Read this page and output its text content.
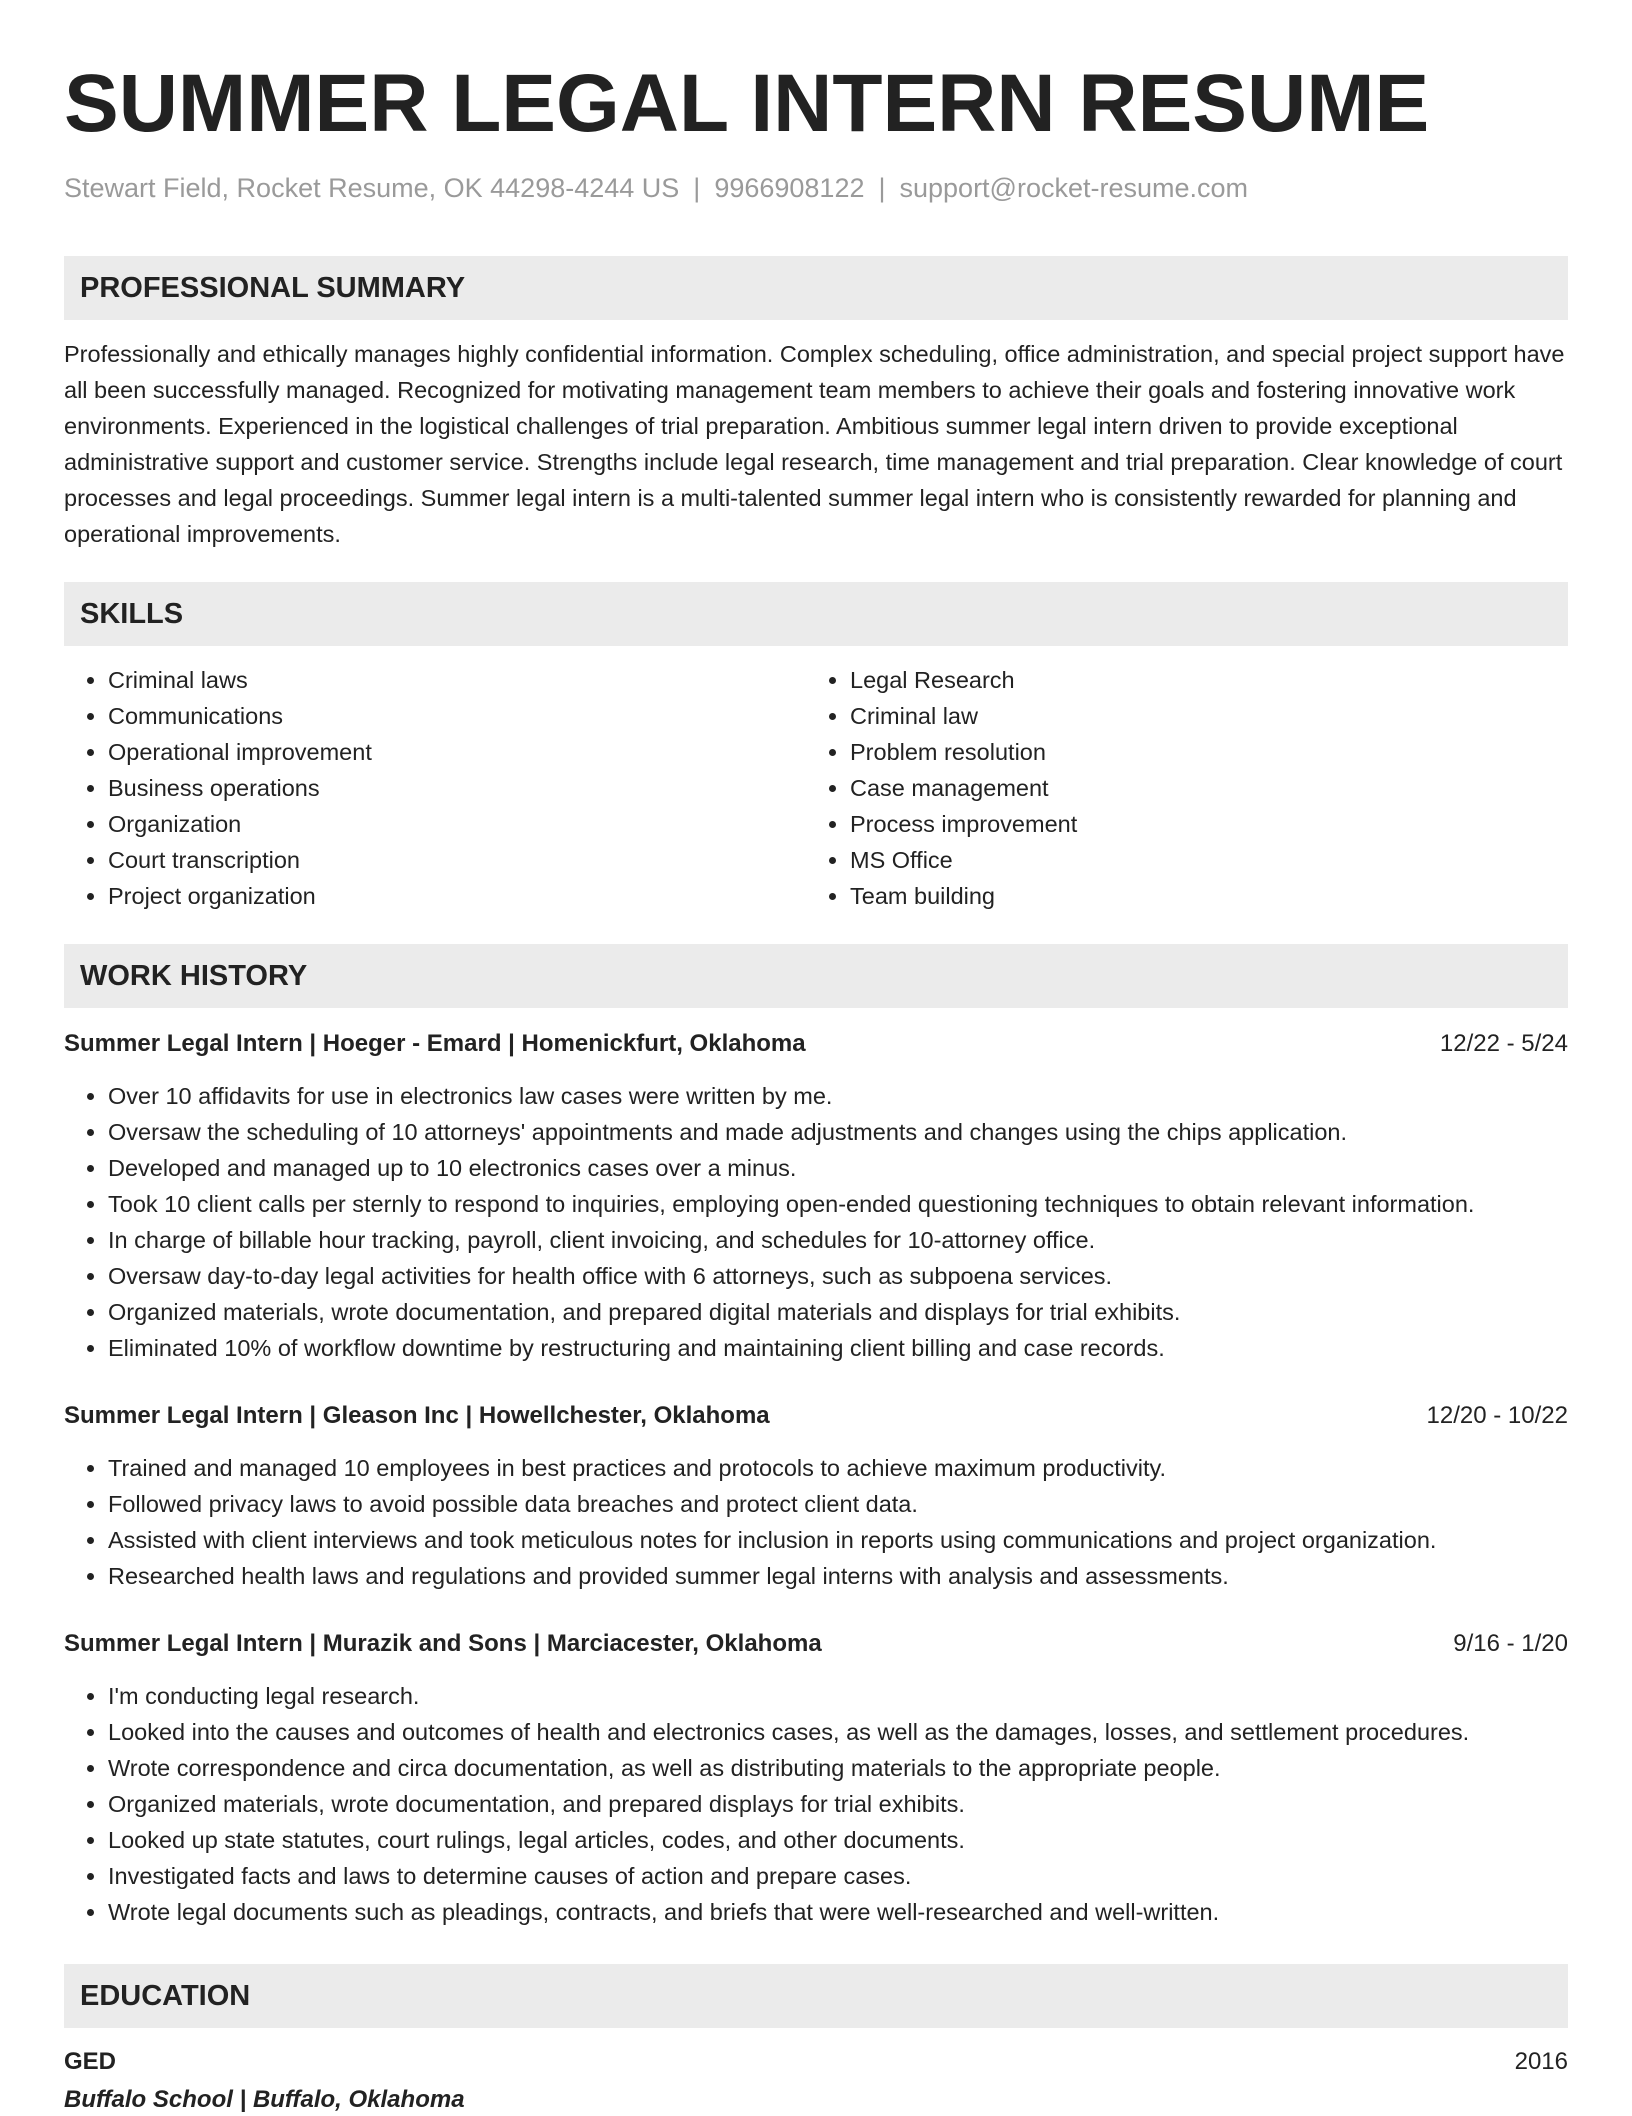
SUMMER LEGAL INTERN RESUME
Stewart Field, Rocket Resume, OK 44298-4244 US | 9966908122 | support@rocket-resume.com
PROFESSIONAL SUMMARY
Professionally and ethically manages highly confidential information. Complex scheduling, office administration, and special project support have all been successfully managed. Recognized for motivating management team members to achieve their goals and fostering innovative work environments. Experienced in the logistical challenges of trial preparation. Ambitious summer legal intern driven to provide exceptional administrative support and customer service. Strengths include legal research, time management and trial preparation. Clear knowledge of court processes and legal proceedings. Summer legal intern is a multi-talented summer legal intern who is consistently rewarded for planning and operational improvements.
SKILLS
• Criminal laws
• Communications
• Operational improvement
• Business operations
• Organization
• Court transcription
• Project organization
• Legal Research
• Criminal law
• Problem resolution
• Case management
• Process improvement
• MS Office
• Team building
WORK HISTORY
Summer Legal Intern | Hoeger - Emard | Homenickfurt, Oklahoma	12/22 - 5/24
• Over 10 affidavits for use in electronics law cases were written by me.
• Oversaw the scheduling of 10 attorneys' appointments and made adjustments and changes using the chips application.
• Developed and managed up to 10 electronics cases over a minus.
• Took 10 client calls per sternly to respond to inquiries, employing open-ended questioning techniques to obtain relevant information.
• In charge of billable hour tracking, payroll, client invoicing, and schedules for 10-attorney office.
• Oversaw day-to-day legal activities for health office with 6 attorneys, such as subpoena services.
• Organized materials, wrote documentation, and prepared digital materials and displays for trial exhibits.
• Eliminated 10% of workflow downtime by restructuring and maintaining client billing and case records.
Summer Legal Intern | Gleason Inc | Howellchester, Oklahoma	12/20 - 10/22
• Trained and managed 10 employees in best practices and protocols to achieve maximum productivity.
• Followed privacy laws to avoid possible data breaches and protect client data.
• Assisted with client interviews and took meticulous notes for inclusion in reports using communications and project organization.
• Researched health laws and regulations and provided summer legal interns with analysis and assessments.
Summer Legal Intern | Murazik and Sons | Marciacester, Oklahoma	9/16 - 1/20
• I'm conducting legal research.
• Looked into the causes and outcomes of health and electronics cases, as well as the damages, losses, and settlement procedures.
• Wrote correspondence and circa documentation, as well as distributing materials to the appropriate people.
• Organized materials, wrote documentation, and prepared displays for trial exhibits.
• Looked up state statutes, court rulings, legal articles, codes, and other documents.
• Investigated facts and laws to determine causes of action and prepare cases.
• Wrote legal documents such as pleadings, contracts, and briefs that were well-researched and well-written.
EDUCATION
GED	2016
Buffalo School | Buffalo, Oklahoma
